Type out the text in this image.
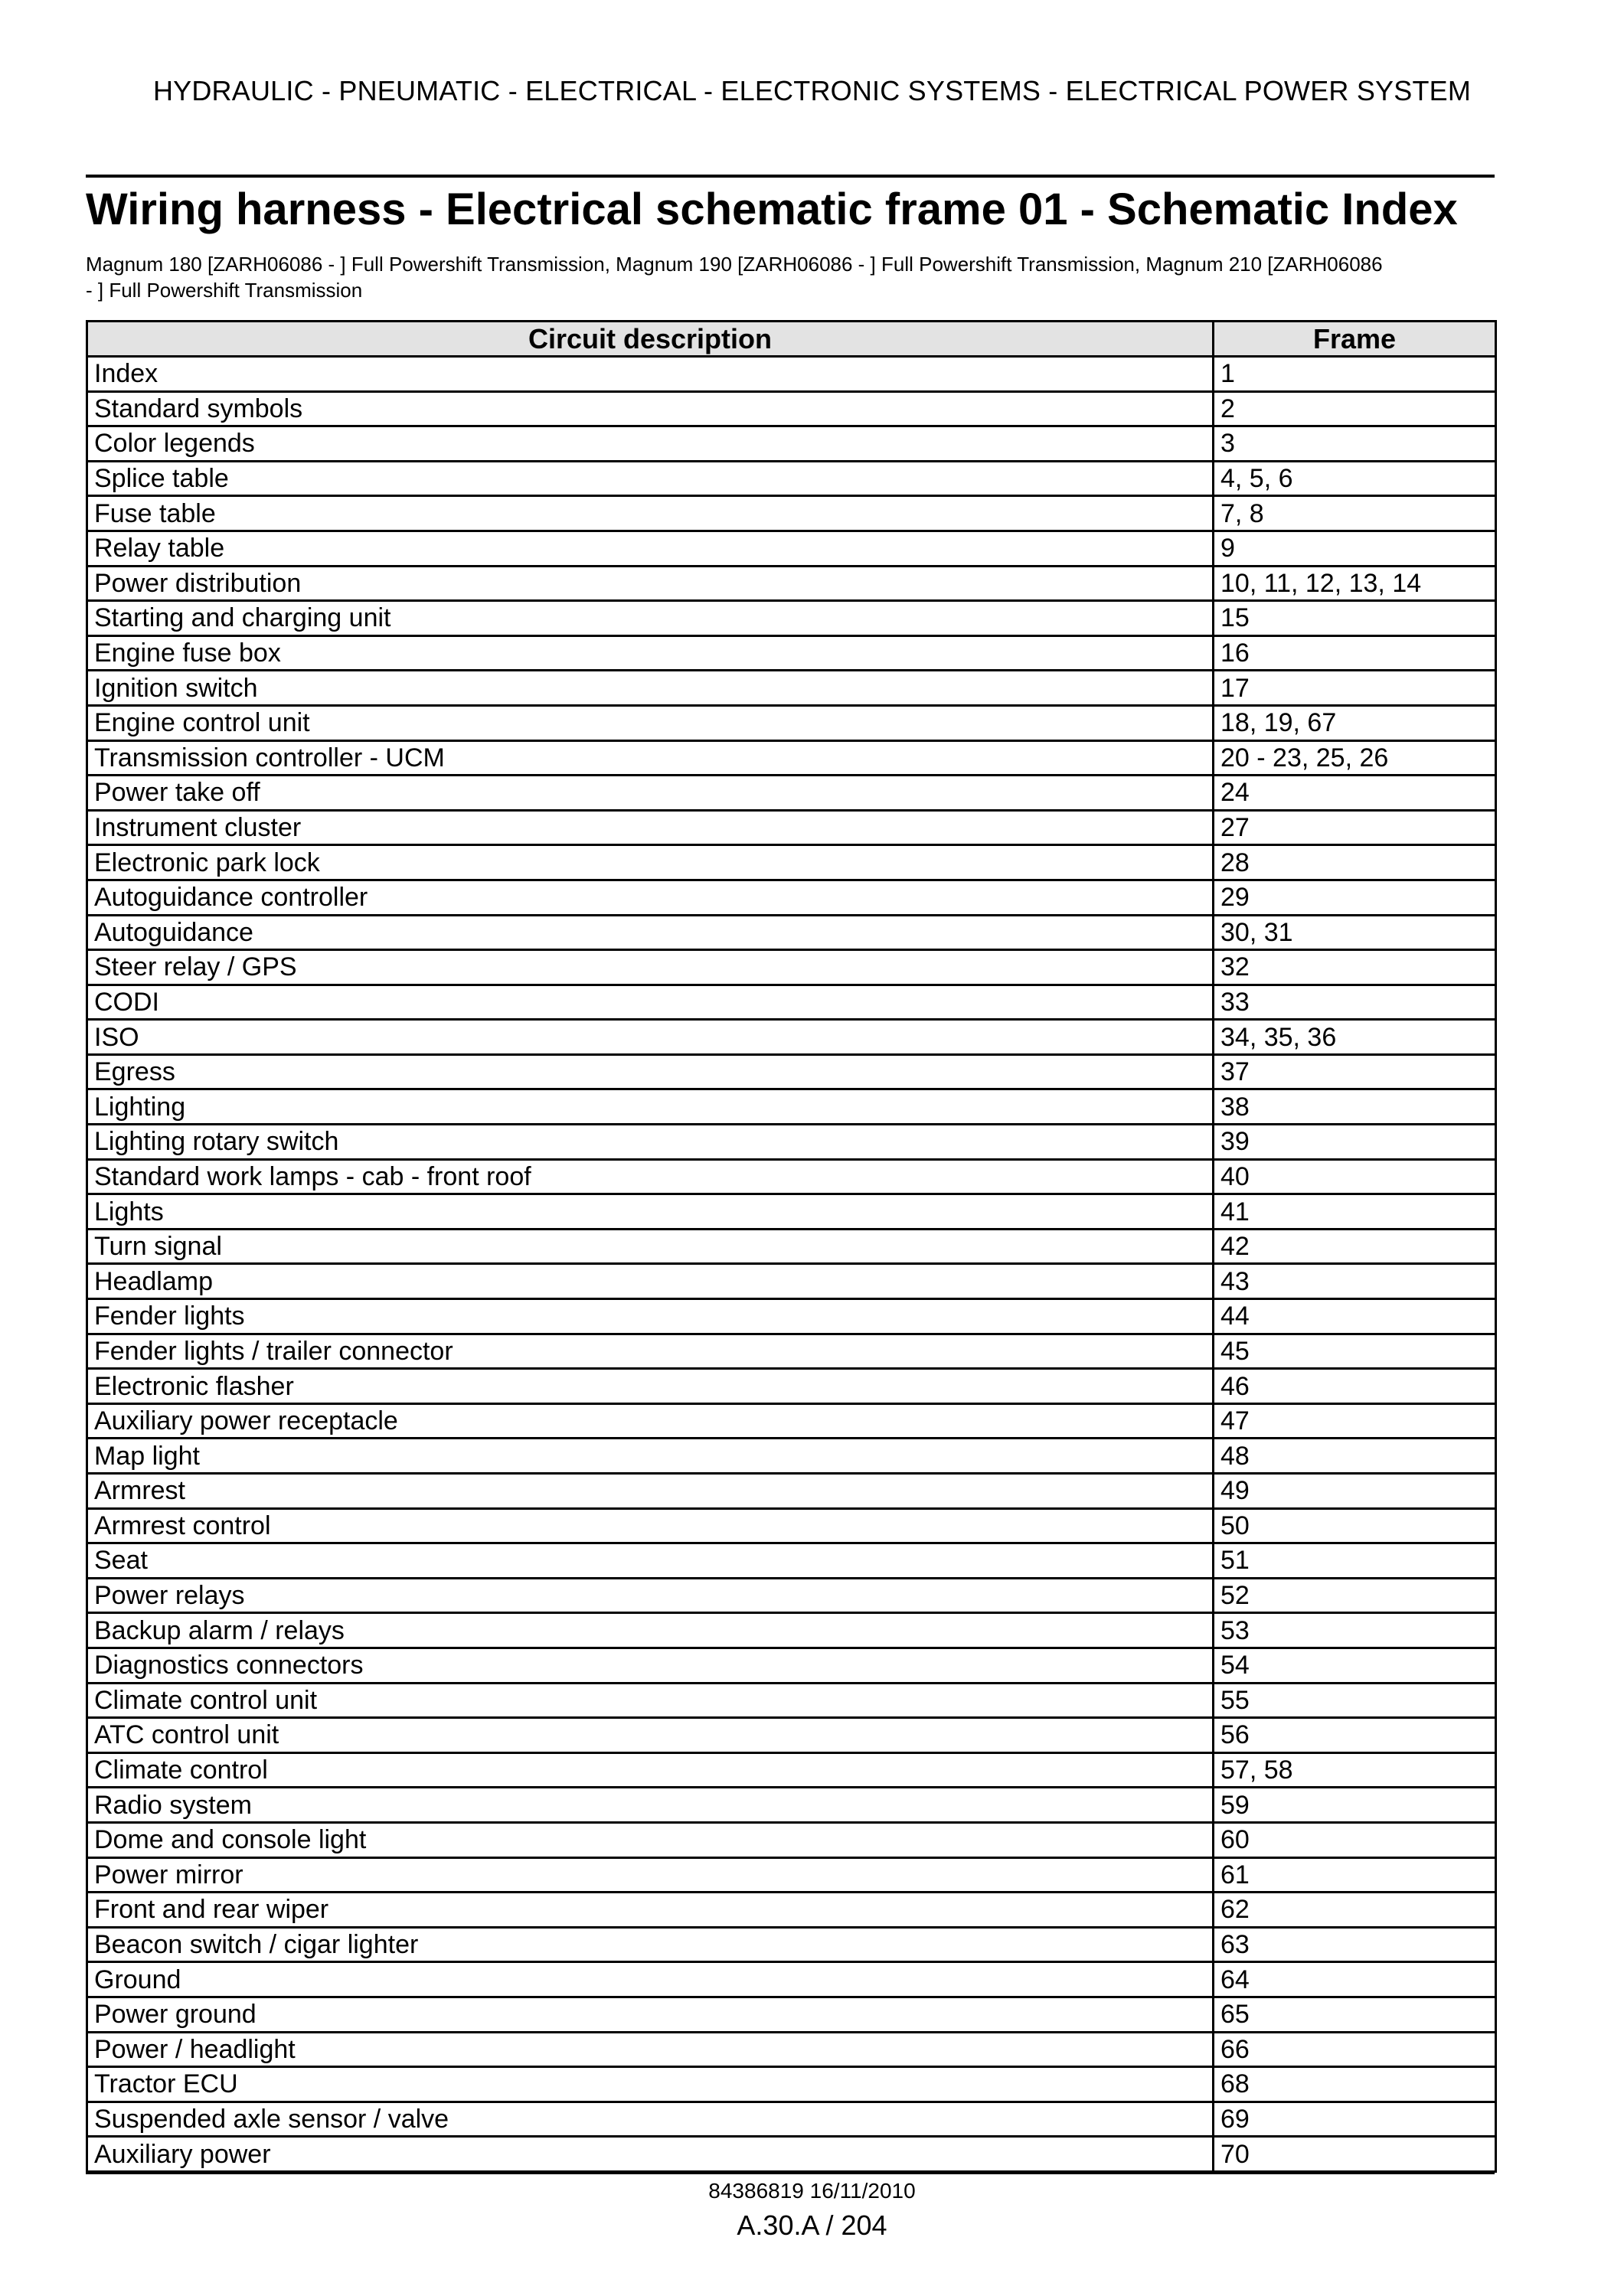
HYDRAULIC - PNEUMATIC - ELECTRICAL - ELECTRONIC SYSTEMS - ELECTRICAL POWER SYSTEM
Wiring harness - Electrical schematic frame 01 - Schematic Index
Magnum 180 [ZARH06086 - ] Full Powershift Transmission, Magnum 190 [ZARH06086 - ] Full Powershift Transmission, Magnum 210 [ZARH06086
- ] Full Powershift Transmission
Circuit description	Frame
Index	1
Standard symbols	2
Color legends	3
Splice table	4, 5, 6
Fuse table	7, 8
Relay table	9
Power distribution	10, 11, 12, 13, 14
Starting and charging unit	15
Engine fuse box	16
Ignition switch	17
Engine control unit	18, 19, 67
Transmission controller - UCM	20 - 23, 25, 26
Power take off	24
Instrument cluster	27
Electronic park lock	28
Autoguidance controller	29
Autoguidance	30, 31
Steer relay / GPS	32
CODI	33
ISO	34, 35, 36
Egress	37
Lighting	38
Lighting rotary switch	39
Standard work lamps - cab - front roof	40
Lights	41
Turn signal	42
Headlamp	43
Fender lights	44
Fender lights / trailer connector	45
Electronic flasher	46
Auxiliary power receptacle	47
Map light	48
Armrest	49
Armrest control	50
Seat	51
Power relays	52
Backup alarm / relays	53
Diagnostics connectors	54
Climate control unit	55
ATC control unit	56
Climate control	57, 58
Radio system	59
Dome and console light	60
Power mirror	61
Front and rear wiper	62
Beacon switch / cigar lighter	63
Ground	64
Power ground	65
Power / headlight	66
Tractor ECU	68
Suspended axle sensor / valve	69
Auxiliary power	70
84386819 16/11/2010
A.30.A / 204
